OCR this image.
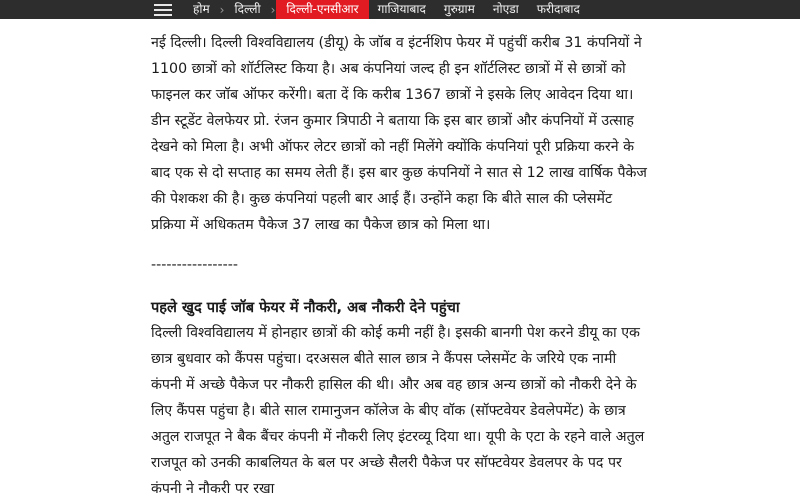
होम › दिल्ली › दिल्ली-एनसीआर	गाजियाबाद	गुरुग्राम	नोएडा	फरीदाबाद

नई दिल्ली। दिल्ली विश्वविद्यालय (डीयू) के जॉब व इंटर्नशिप फेयर में पहुंचीं करीब 31 कंपनियों ने 1100 छात्रों को शॉर्टलिस्ट किया है। अब कंपनियां जल्द ही इन शॉर्टलिस्ट छात्रों में से छात्रों को फाइनल कर जॉब ऑफर करेंगी। बता दें कि करीब 1367 छात्रों ने इसके लिए आवेदन दिया था। डीन स्टूडेंट वेलफेयर प्रो. रंजन कुमार त्रिपाठी ने बताया कि इस बार छात्रों और कंपनियों में उत्साह देखने को मिला है। अभी ऑफर लेटर छात्रों को नहीं मिलेंगे क्योंकि कंपनियां पूरी प्रक्रिया करने के बाद एक से दो सप्ताह का समय लेती हैं। इस बार कुछ कंपनियों ने सात से 12 लाख वार्षिक पैकेज की पेशकश की है। कुछ कंपनियां पहली बार आई हैं। उन्होंने कहा कि बीते साल की प्लेसमेंट प्रक्रिया में अधिकतम पैकेज 37 लाख का पैकेज छात्र को मिला था।

-----------------
पहले खुद पाई जॉब फेयर में नौकरी, अब नौकरी देने पहुंचा

दिल्ली विश्वविद्यालय में होनहार छात्रों की कोई कमी नहीं है। इसकी बानगी पेश करने डीयू का एक छात्र बुधवार को कैंपस पहुंचा। दरअसल बीते साल छात्र ने कैंपस प्लेसमेंट के जरिये एक नामी कंपनी में अच्छे पैकेज पर नौकरी हासिल की थी। और अब वह छात्र अन्य छात्रों को नौकरी देने के लिए कैंपस पहुंचा है। बीते साल रामानुजन कॉलेज के बीए वॉक (सॉफ्टवेयर डेवलेपमेंट) के छात्र अतुल राजपूत ने बैक बैंचर कंपनी में नौकरी लिए इंटरव्यू दिया था। यूपी के एटा के रहने वाले अतुल राजपूत को उनकी काबलियत के बल पर अच्छे सैलरी पैकेज पर सॉफ्टवेयर डेवलपर के पद पर कंपनी ने नौकरी पर रखा
